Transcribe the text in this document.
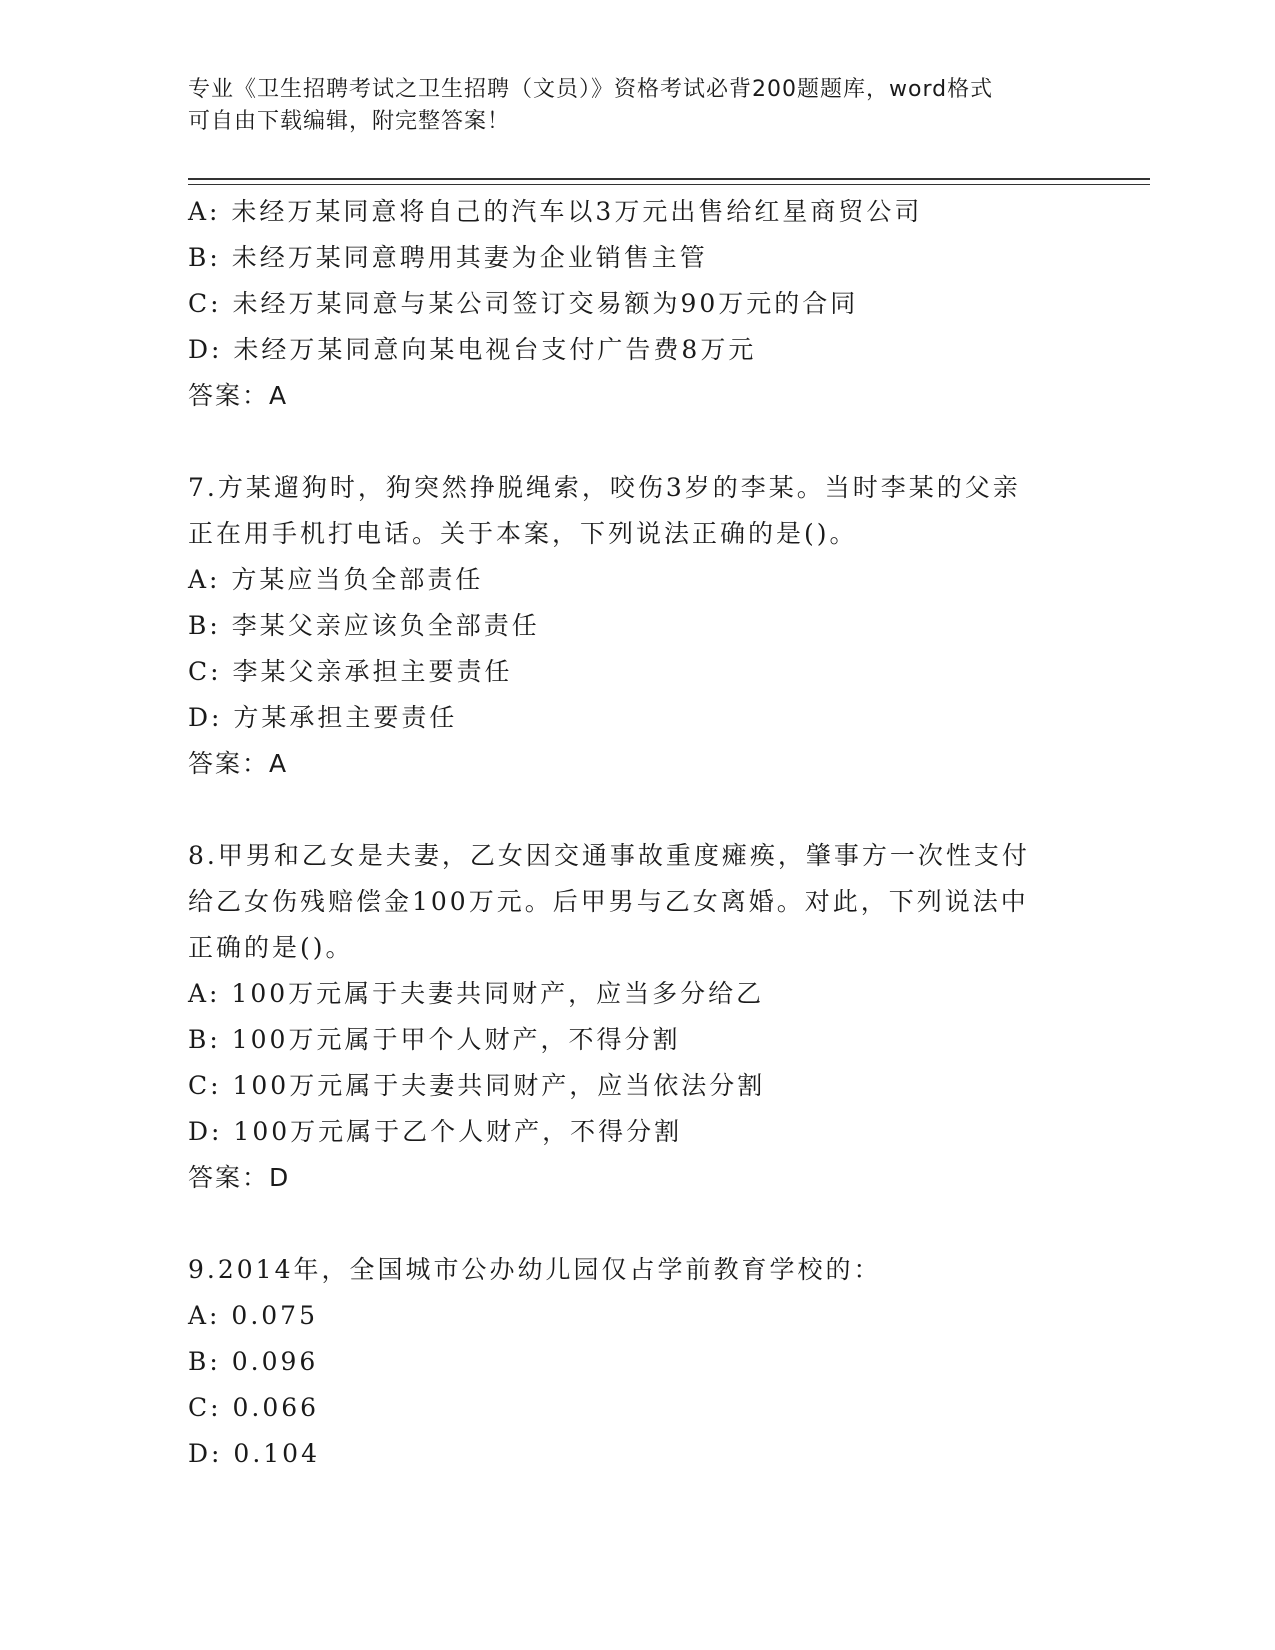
专业《卫生招聘考试之卫生招聘（文员）》资格考试必背200题题库，word格式
可自由下载编辑，附完整答案！
A: 未经万某同意将自己的汽车以3万元出售给红星商贸公司
B: 未经万某同意聘用其妻为企业销售主管
C: 未经万某同意与某公司签订交易额为90万元的合同
D: 未经万某同意向某电视台支付广告费8万元
答案：A
7.方某遛狗时，狗突然挣脱绳索，咬伤3岁的李某。当时李某的父亲
正在用手机打电话。关于本案，下列说法正确的是()。
A: 方某应当负全部责任
B: 李某父亲应该负全部责任
C: 李某父亲承担主要责任
D: 方某承担主要责任
答案：A
8.甲男和乙女是夫妻，乙女因交通事故重度瘫痪，肇事方一次性支付
给乙女伤残赔偿金100万元。后甲男与乙女离婚。对此，下列说法中
正确的是()。
A: 100万元属于夫妻共同财产，应当多分给乙
B: 100万元属于甲个人财产，不得分割
C: 100万元属于夫妻共同财产，应当依法分割
D: 100万元属于乙个人财产，不得分割
答案：D
9.2014年，全国城市公办幼儿园仅占学前教育学校的：
A: 0.075
B: 0.096
C: 0.066
D: 0.104
